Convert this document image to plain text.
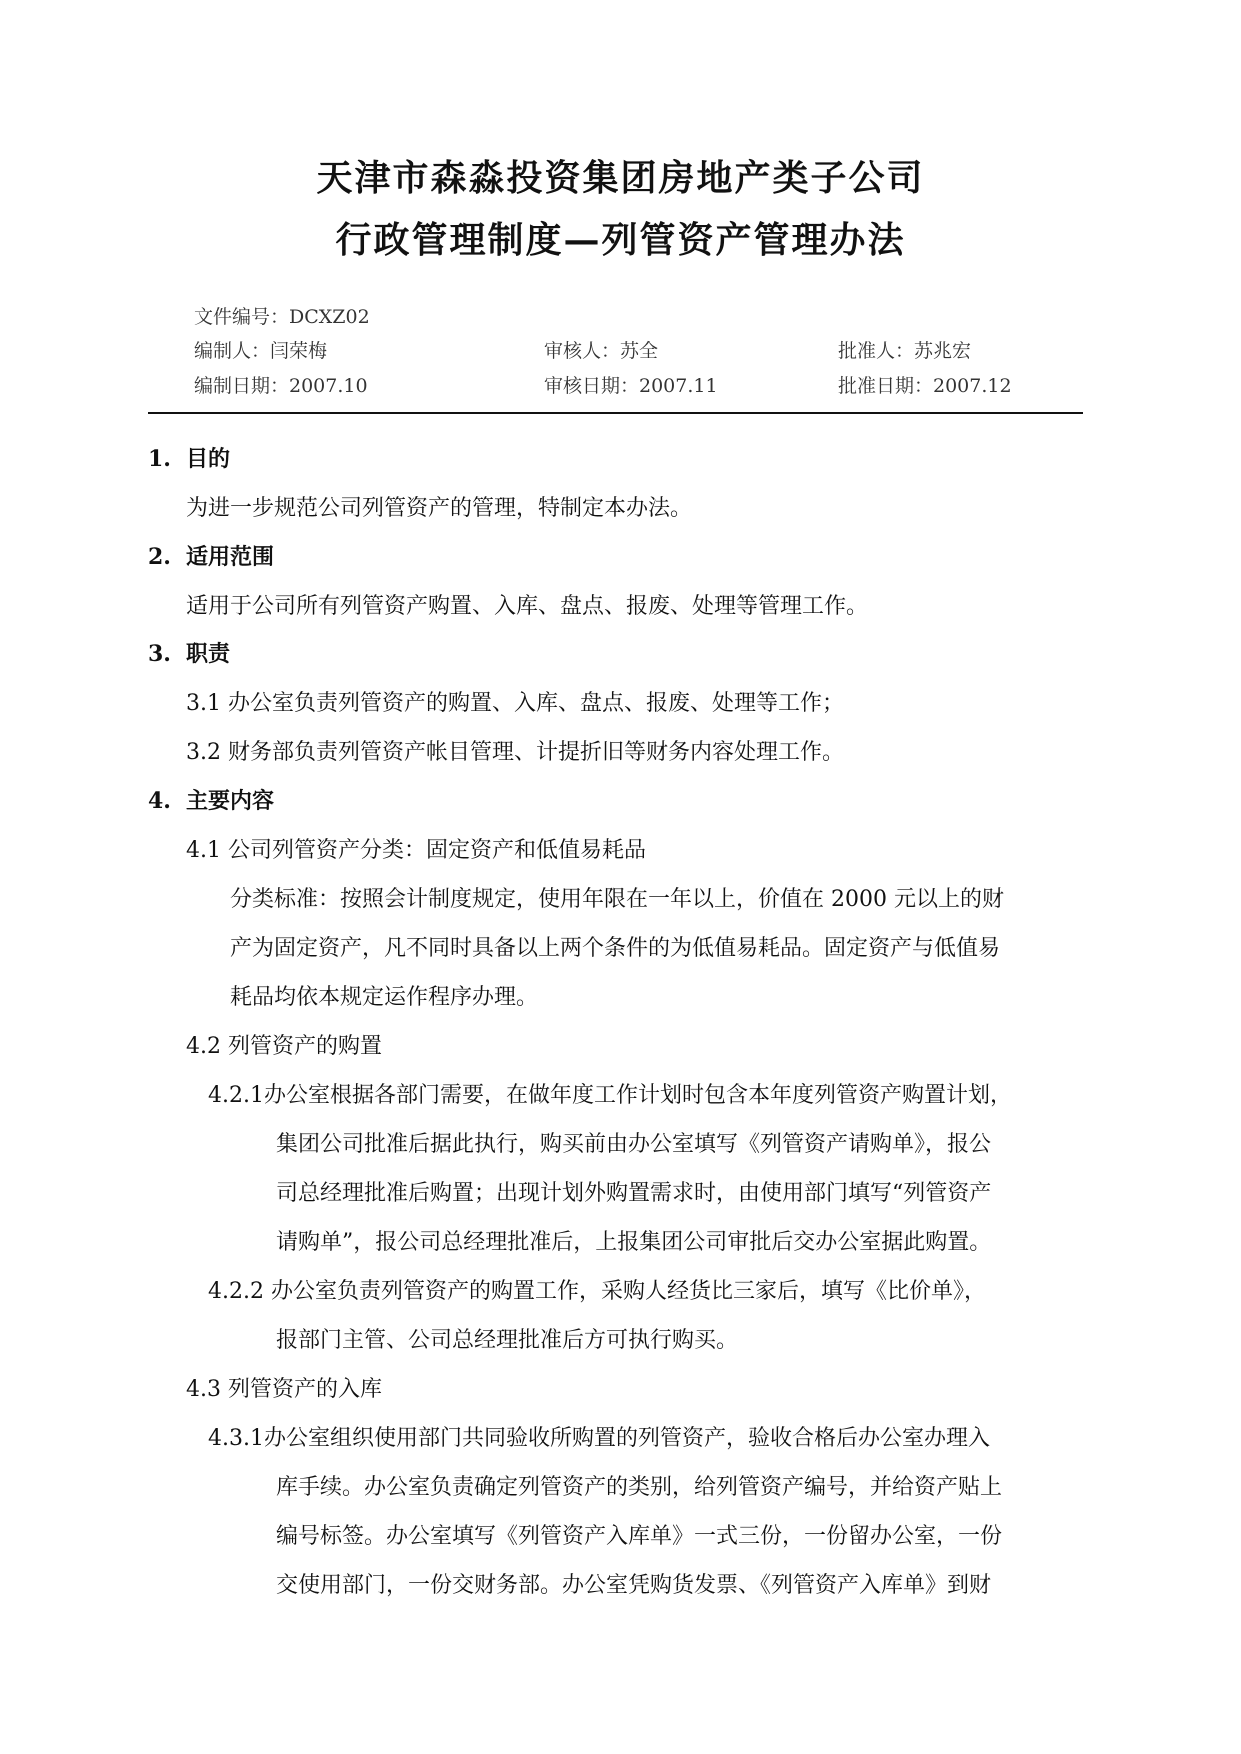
天津市森淼投资集团房地产类子公司
行政管理制度—列管资产管理办法
文件编号：DCXZ02
编制人：闫荣梅	审核人：苏全	批准人：苏兆宏
编制日期：2007.10	审核日期：2007.11	批准日期：2007.12
1. 目的
为进一步规范公司列管资产的管理，特制定本办法。
2. 适用范围
适用于公司所有列管资产购置、入库、盘点、报废、处理等管理工作。
3. 职责
3.1 办公室负责列管资产的购置、入库、盘点、报废、处理等工作；
3.2 财务部负责列管资产帐目管理、计提折旧等财务内容处理工作。
4. 主要内容
4.1 公司列管资产分类：固定资产和低值易耗品
分类标准：按照会计制度规定，使用年限在一年以上，价值在 2000 元以上的财
产为固定资产，凡不同时具备以上两个条件的为低值易耗品。固定资产与低值易
耗品均依本规定运作程序办理。
4.2 列管资产的购置
4.2.1办公室根据各部门需要，在做年度工作计划时包含本年度列管资产购置计划，
集团公司批准后据此执行，购买前由办公室填写《列管资产请购单》，报公
司总经理批准后购置；出现计划外购置需求时，由使用部门填写“列管资产
请购单”，报公司总经理批准后，上报集团公司审批后交办公室据此购置。
4.2.2 办公室负责列管资产的购置工作，采购人经货比三家后，填写《比价单》，
报部门主管、公司总经理批准后方可执行购买。
4.3 列管资产的入库
4.3.1办公室组织使用部门共同验收所购置的列管资产，验收合格后办公室办理入
库手续。办公室负责确定列管资产的类别，给列管资产编号，并给资产贴上
编号标签。办公室填写《列管资产入库单》一式三份，一份留办公室，一份
交使用部门，一份交财务部。办公室凭购货发票、《列管资产入库单》到财
